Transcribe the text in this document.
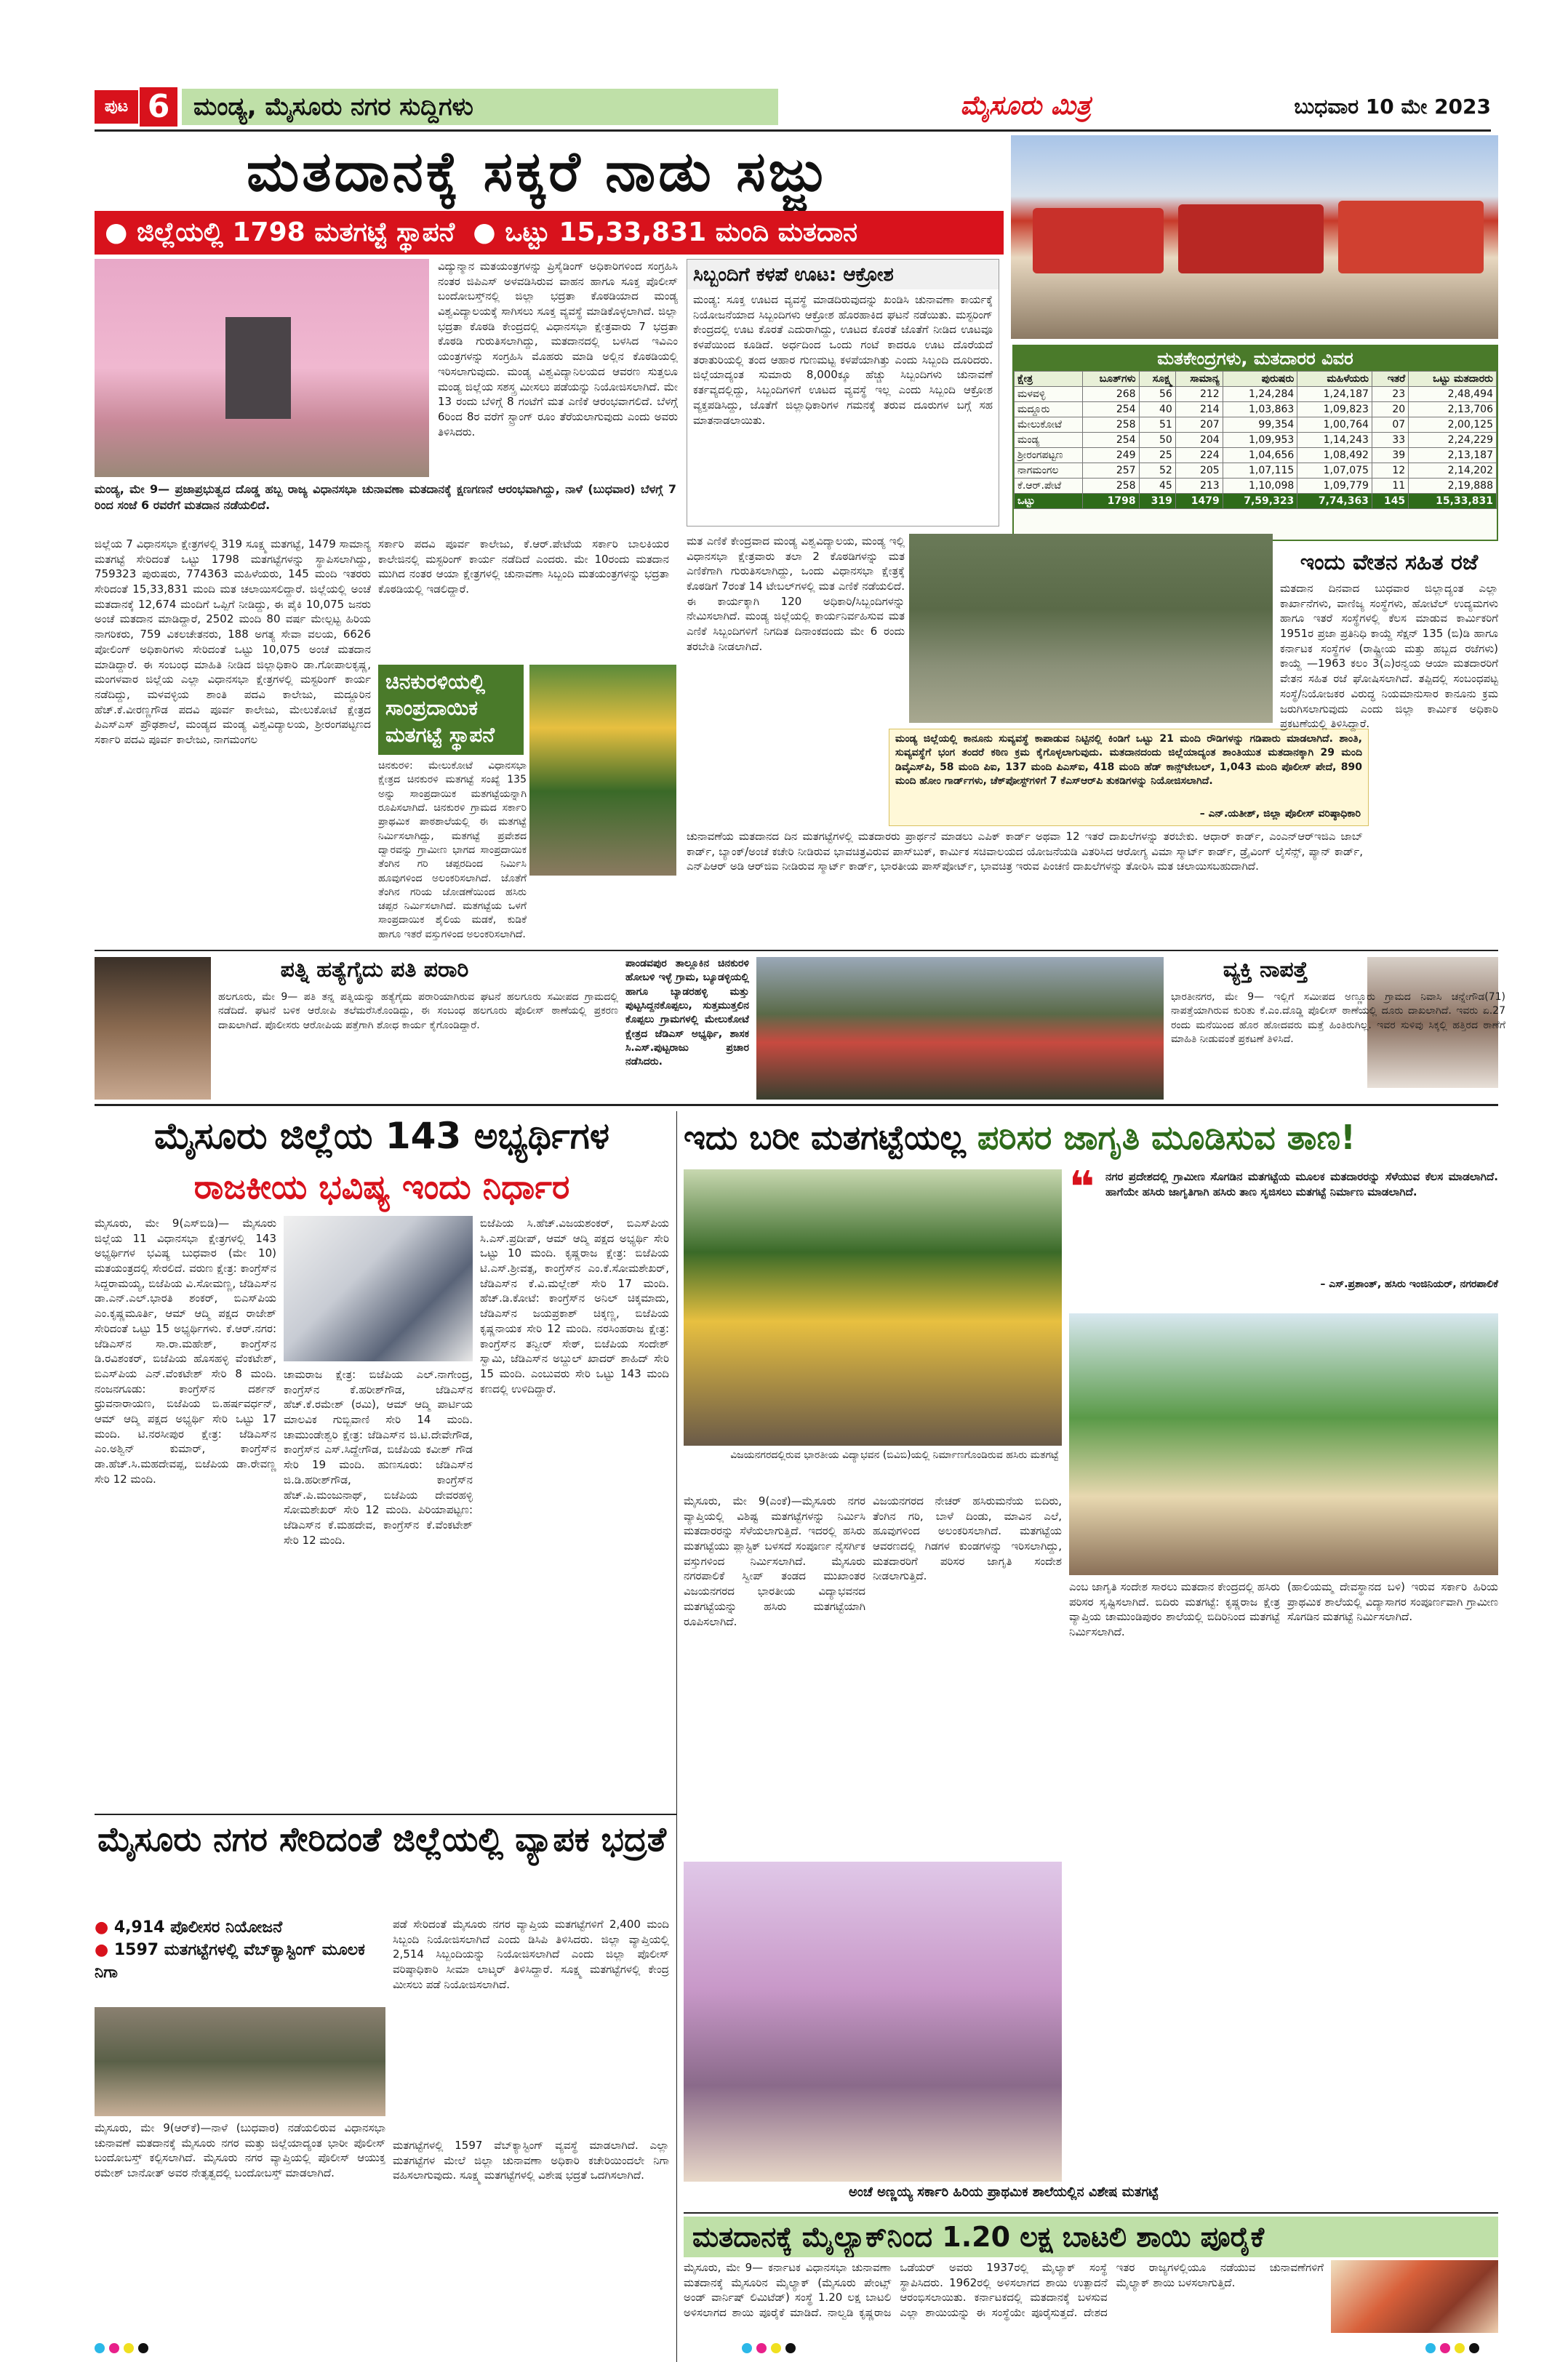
ಪುಟ 6 ಮಂಡ್ಯ, ಮೈಸೂರು ನಗರ ಸುದ್ದಿಗಳು	ಮೈಸೂರು ಮಿತ್ರ	ಬುಧವಾರ 10 ಮೇ 2023
ಮತದಾನಕ್ಕೆ ಸಕ್ಕರೆ ನಾಡು ಸಜ್ಜು
● ಜಿಲ್ಲೆಯಲ್ಲಿ 1798 ಮತಗಟ್ಟೆ ಸ್ಥಾಪನೆ  ● ಒಟ್ಟು 15,33,831 ಮಂದಿ ಮತದಾನ
ಸಿಬ್ಬಂದಿಗೆ ಕಳಪೆ ಊಟ: ಆಕ್ರೋಶ
ಮಂಡ್ಯ: ಸೂಕ್ತ ಊಟದ ವ್ಯವಸ್ಥೆ ಮಾಡದಿರುವುದನ್ನು ಖಂಡಿಸಿ ಚುನಾವಣಾ ಕಾರ್ಯಕ್ಕೆ ನಿಯೋಜನೆಯಾದ ಸಿಬ್ಬಂದಿಗಳು ಆಕ್ರೋಶ ಹೊರಹಾಕಿದ ಘಟನೆ ನಡೆಯಿತು. ಮಸ್ಟರಿಂಗ್ ಕೇಂದ್ರದಲ್ಲಿ ಊಟ ಕೊರತೆ ಎದುರಾಗಿದ್ದು, ಊಟದ ಕೊರತೆ ಜೊತೆಗೆ ನೀಡಿದ ಊಟವೂ ಕಳಪೆಯಿಂದ ಕೂಡಿದೆ. ಅರ್ಧದಿಂದ ಒಂದು ಗಂಟೆ ಕಾದರೂ ಊಟ ದೊರೆಯದೆ ತರಾತುರಿಯಲ್ಲಿ ತಂದ ಆಹಾರ ಗುಣಮಟ್ಟ ಕಳಪೆಯಾಗಿತ್ತು ಎಂದು ಸಿಬ್ಬಂದಿ ದೂರಿದರು. ಜಿಲ್ಲೆಯಾದ್ಯಂತ ಸುಮಾರು 8,000ಕ್ಕೂ ಹೆಚ್ಚು ಸಿಬ್ಬಂದಿಗಳು ಚುನಾವಣೆ ಕರ್ತವ್ಯದಲ್ಲಿದ್ದು, ಸಿಬ್ಬಂದಿಗಳಿಗೆ ಊಟದ ವ್ಯವಸ್ಥೆ ಇಲ್ಲ ಎಂದು ಸಿಬ್ಬಂದಿ ಆಕ್ರೋಶ ವ್ಯಕ್ತಪಡಿಸಿದ್ದು, ಜೊತೆಗೆ ಜಿಲ್ಲಾಧಿಕಾರಿಗಳ ಗಮನಕ್ಕೆ ತರುವ ದೂರುಗಳ ಬಗ್ಗೆ ಸಹ ಮಾತನಾಡಲಾಯಿತು.
ಮತಕೇಂದ್ರಗಳು, ಮತದಾರರ ವಿವರ
ಕ್ಷೇತ್ರ	ಬೂತ್‌ಗಳು	ಸೂಕ್ಷ್ಮ	ಸಾಮಾನ್ಯ	ಪುರುಷರು	ಮಹಿಳೆಯರು	ಇತರೆ	ಒಟ್ಟು ಮತದಾರರು
ಮಳವಳ್ಳಿ	268	56	212	1,24,284	1,24,187	23	2,48,494
ಮದ್ದೂರು	254	40	214	1,03,863	1,09,823	20	2,13,706
ಮೇಲುಕೋಟೆ	258	51	207	99,354	1,00,764	07	2,00,125
ಮಂಡ್ಯ	254	50	204	1,09,953	1,14,243	33	2,24,229
ಶ್ರೀರಂಗಪಟ್ಟಣ	249	25	224	1,04,656	1,08,492	39	2,13,187
ನಾಗಮಂಗಲ	257	52	205	1,07,115	1,07,075	12	2,14,202
ಕೆ.ಆರ್.ಪೇಟೆ	258	45	213	1,10,098	1,09,779	11	2,19,888
ಒಟ್ಟು	1798	319	1479	7,59,323	7,74,363	145	15,33,831
ಮಂಡ್ಯ, ಮೇ 9— ಪ್ರಜಾಪ್ರಭುತ್ವದ ದೊಡ್ಡ ಹಬ್ಬ ರಾಜ್ಯ ವಿಧಾನಸಭಾ ಚುನಾವಣಾ ಮತದಾನಕ್ಕೆ ಕ್ಷಣಗಣನೆ ಆರಂಭವಾಗಿದ್ದು, ನಾಳೆ (ಬುಧವಾರ) ಬೆಳಗ್ಗೆ 7 ರಿಂದ ಸಂಜೆ 6 ರವರೆಗೆ ಮತದಾನ ನಡೆಯಲಿದೆ.
ಜಿಲ್ಲೆಯ 7 ವಿಧಾನಸಭಾ ಕ್ಷೇತ್ರಗಳಲ್ಲಿ 319 ಸೂಕ್ಷ್ಮ ಮತಗಟ್ಟೆ, 1479 ಸಾಮಾನ್ಯ ಮತಗಟ್ಟೆ ಸೇರಿದಂತೆ ಒಟ್ಟು 1798 ಮತಗಟ್ಟೆಗಳನ್ನು ಸ್ಥಾಪಿಸಲಾಗಿದ್ದು, 759323 ಪುರುಷರು, 774363 ಮಹಿಳೆಯರು, 145 ಮಂದಿ ಇತರರು ಸೇರಿದಂತೆ 15,33,831 ಮಂದಿ ಮತ ಚಲಾಯಿಸಲಿದ್ದಾರೆ. ಜಿಲ್ಲೆಯಲ್ಲಿ ಅಂಚೆ ಮತದಾನಕ್ಕೆ 12,674 ಮಂದಿಗೆ ಒಪ್ಪಿಗೆ ನೀಡಿದ್ದು, ಈ ಪೈಕಿ 10,075 ಜನರು ಅಂಚೆ ಮತದಾನ ಮಾಡಿದ್ದಾರೆ, 2502 ಮಂದಿ 80 ವರ್ಷ ಮೇಲ್ಪಟ್ಟ ಹಿರಿಯ ನಾಗರಿಕರು, 759 ವಿಕಲಚೇತನರು, 188 ಅಗತ್ಯ ಸೇವಾ ವಲಯ, 6626 ಪೋಲಿಂಗ್ ಅಧಿಕಾರಿಗಳು ಸೇರಿದಂತೆ ಒಟ್ಟು 10,075 ಅಂಚೆ ಮತದಾನ ಮಾಡಿದ್ದಾರೆ. ಈ ಸಂಬಂಧ ಮಾಹಿತಿ ನೀಡಿದ ಜಿಲ್ಲಾಧಿಕಾರಿ ಡಾ.ಗೋಪಾಲಕೃಷ್ಣ, ಮಂಗಳವಾರ ಜಿಲ್ಲೆಯ ಎಲ್ಲಾ ವಿಧಾನಸಭಾ ಕ್ಷೇತ್ರಗಳಲ್ಲಿ ಮಸ್ಟರಿಂಗ್ ಕಾರ್ಯ ನಡೆದಿದ್ದು, ಮಳವಳ್ಳಿಯ ಶಾಂತಿ ಪದವಿ ಕಾಲೇಜು, ಮದ್ದೂರಿನ ಹೆಚ್.ಕೆ.ವೀರಣ್ಣಗೌಡ ಪದವಿ ಪೂರ್ವ ಕಾಲೇಜು, ಮೇಲುಕೋಟೆ ಕ್ಷೇತ್ರದ ಪಿಎಸ್‌ಎಸ್ ಪ್ರೌಢಶಾಲೆ, ಮಂಡ್ಯದ ಮಂಡ್ಯ ವಿಶ್ವವಿದ್ಯಾಲಯ, ಶ್ರೀರಂಗಪಟ್ಟಣದ ಸರ್ಕಾರಿ ಪದವಿ ಪೂರ್ವ ಕಾಲೇಜು, ನಾಗಮಂಗಲ
ಸರ್ಕಾರಿ ಪದವಿ ಪೂರ್ವ ಕಾಲೇಜು, ಕೆ.ಆರ್.ಪೇಟೆಯ ಸರ್ಕಾರಿ ಬಾಲಕಿಯರ ಕಾಲೇಜಿನಲ್ಲಿ ಮಸ್ಟರಿಂಗ್ ಕಾರ್ಯ ನಡೆದಿದೆ ಎಂದರು. ಮೇ 10ರಂದು ಮತದಾನ ಮುಗಿದ ನಂತರ ಆಯಾ ಕ್ಷೇತ್ರಗಳಲ್ಲಿ ಚುನಾವಣಾ ಸಿಬ್ಬಂದಿ ಮತಯಂತ್ರಗಳನ್ನು ಭದ್ರತಾ ಕೊಠಡಿಯಲ್ಲಿ ಇಡಲಿದ್ದಾರೆ.
ವಿದ್ಯುನ್ಮಾನ ಮತಯಂತ್ರಗಳನ್ನು ಪ್ರಿಸೈಡಿಂಗ್ ಅಧಿಕಾರಿಗಳಿಂದ ಸಂಗ್ರಹಿಸಿ ನಂತರ ಜಿಪಿಎಸ್ ಅಳವಡಿಸಿರುವ ವಾಹನ ಹಾಗೂ ಸೂಕ್ತ ಪೊಲೀಸ್ ಬಂದೋಬಸ್ತ್‌ನಲ್ಲಿ ಜಿಲ್ಲಾ ಭದ್ರತಾ ಕೊಠಡಿಯಾದ ಮಂಡ್ಯ ವಿಶ್ವವಿದ್ಯಾಲಯಕ್ಕೆ ಸಾಗಿಸಲು ಸೂಕ್ತ ವ್ಯವಸ್ಥೆ ಮಾಡಿಕೊಳ್ಳಲಾಗಿದೆ. ಜಿಲ್ಲಾ ಭದ್ರತಾ ಕೊಠಡಿ ಕೇಂದ್ರದಲ್ಲಿ ವಿಧಾನಸಭಾ ಕ್ಷೇತ್ರವಾರು 7 ಭದ್ರತಾ ಕೊಠಡಿ ಗುರುತಿಸಲಾಗಿದ್ದು, ಮತದಾನದಲ್ಲಿ ಬಳಸಿದ ಇವಿಎಂ ಯಂತ್ರಗಳನ್ನು ಸಂಗ್ರಹಿಸಿ ಮೊಹರು ಮಾಡಿ ಅಲ್ಲಿನ ಕೊಠಡಿಯಲ್ಲಿ ಇರಿಸಲಾಗುವುದು. ಮಂಡ್ಯ ವಿಶ್ವವಿದ್ಯಾನಿಲಯದ ಆವರಣ ಸುತ್ತಲೂ ಮಂಡ್ಯ ಜಿಲ್ಲೆಯ ಸಶಸ್ತ್ರ ಮೀಸಲು ಪಡೆಯನ್ನು ನಿಯೋಜಿಸಲಾಗಿದೆ. ಮೇ 13 ರಂದು ಬೆಳಿಗ್ಗೆ 8 ಗಂಟೆಗೆ ಮತ ಎಣಿಕೆ ಆರಂಭವಾಗಲಿದೆ. ಬೆಳಗ್ಗೆ 6ರಿಂದ 8ರ ವರೆಗೆ ಸ್ಟ್ರಾಂಗ್ ರೂಂ ತೆರೆಯಲಾಗುವುದು ಎಂದು ಅವರು ತಿಳಿಸಿದರು.
ಚಿನಕುರಳಿಯಲ್ಲಿ ಸಾಂಪ್ರದಾಯಿಕ ಮತಗಟ್ಟೆ ಸ್ಥಾಪನೆ
ಚಿನಕುರಳಿ: ಮೇಲುಕೋಟೆ ವಿಧಾನಸಭಾ ಕ್ಷೇತ್ರದ ಚಿನಕುರಳಿ ಮತಗಟ್ಟೆ ಸಂಖ್ಯೆ 135 ಅನ್ನು ಸಾಂಪ್ರದಾಯಿಕ ಮತಗಟ್ಟೆಯನ್ನಾಗಿ ರೂಪಿಸಲಾಗಿದೆ. ಚಿನಕುರಳಿ ಗ್ರಾಮದ ಸರ್ಕಾರಿ ಪ್ರಾಥಮಿಕ ಪಾಠಶಾಲೆಯಲ್ಲಿ ಈ ಮತಗಟ್ಟೆ ನಿರ್ಮಿಸಲಾಗಿದ್ದು, ಮತಗಟ್ಟೆ ಪ್ರವೇಶದ ದ್ವಾರವನ್ನು ಗ್ರಾಮೀಣ ಭಾಗದ ಸಾಂಪ್ರದಾಯಿಕ ತೆಂಗಿನ ಗರಿ ಚಪ್ಪರದಿಂದ ನಿರ್ಮಿಸಿ ಹೂವುಗಳಿಂದ ಅಲಂಕರಿಸಲಾಗಿದೆ. ಜೊತೆಗೆ ತೆಂಗಿನ ಗರಿಯ ಜೋಡಣೆಯಿಂದ ಹಸಿರು ಚಪ್ಪರ ನಿರ್ಮಿಸಲಾಗಿದೆ. ಮತಗಟ್ಟೆಯ ಒಳಗೆ ಸಾಂಪ್ರದಾಯಿಕ ಶೈಲಿಯ ಮಡಕೆ, ಕುಡಿಕೆ ಹಾಗೂ ಇತರೆ ವಸ್ತುಗಳಿಂದ ಅಲಂಕರಿಸಲಾಗಿದೆ.
ಮತ ಎಣಿಕೆ ಕೇಂದ್ರವಾದ ಮಂಡ್ಯ ವಿಶ್ವವಿದ್ಯಾಲಯ, ಮಂಡ್ಯ ಇಲ್ಲಿ ವಿಧಾನಸಭಾ ಕ್ಷೇತ್ರವಾರು ತಲಾ 2 ಕೊಠಡಿಗಳನ್ನು ಮತ ಎಣಿಕೆಗಾಗಿ ಗುರುತಿಸಲಾಗಿದ್ದು, ಒಂದು ವಿಧಾನಸಭಾ ಕ್ಷೇತ್ರಕ್ಕೆ ಕೊಠಡಿಗೆ 7ರಂತೆ 14 ಟೇಬಲ್‌ಗಳಲ್ಲಿ ಮತ ಎಣಿಕೆ ನಡೆಯಲಿದೆ. ಈ ಕಾರ್ಯಕ್ಕಾಗಿ 120 ಅಧಿಕಾರಿ/ಸಿಬ್ಬಂದಿಗಳನ್ನು ನೇಮಿಸಲಾಗಿದೆ. ಮಂಡ್ಯ ಜಿಲ್ಲೆಯಲ್ಲಿ ಕಾರ್ಯನಿರ್ವಹಿಸುವ ಮತ ಎಣಿಕೆ ಸಿಬ್ಬಂದಿಗಳಿಗೆ ನಿಗದಿತ ದಿನಾಂಕದಂದು ಮೇ 6 ರಂದು ತರಬೇತಿ ನೀಡಲಾಗಿದೆ.
ಮಂಡ್ಯ ಜಿಲ್ಲೆಯಲ್ಲಿ ಕಾನೂನು ಸುವ್ಯವಸ್ಥೆ ಕಾಪಾಡುವ ನಿಟ್ಟಿನಲ್ಲಿ ಕಿಂಡಿಗೆ ಒಟ್ಟು 21 ಮಂದಿ ರೌಡಿಗಳನ್ನು ಗಡಿಪಾರು ಮಾಡಲಾಗಿದೆ. ಶಾಂತಿ, ಸುವ್ಯವಸ್ಥೆಗೆ ಭಂಗ ತಂದರೆ ಕಠಿಣ ಕ್ರಮ ಕೈಗೊಳ್ಳಲಾಗುವುದು. ಮತದಾನದಂದು ಜಿಲ್ಲೆಯಾದ್ಯಂತ ಶಾಂತಿಯುತ ಮತದಾನಕ್ಕಾಗಿ 29 ಮಂದಿ ಡಿವೈಎಸ್‌ಪಿ, 58 ಮಂದಿ ಪಿಐ, 137 ಮಂದಿ ಪಿಎಸ್‌ಐ, 418 ಮಂದಿ ಹೆಡ್ ಕಾನ್ಸ್‌ಟೇಬಲ್, 1,043 ಮಂದಿ ಪೊಲೀಸ್ ಪೇದೆ, 890 ಮಂದಿ ಹೋಂ ಗಾರ್ಡ್‌ಗಳು, ಚೆಕ್‌ಪೋಸ್ಟ್‌ಗಳಿಗೆ 7 ಕೆಎಸ್‌ಆರ್‌ಪಿ ತುಕಡಿಗಳನ್ನು ನಿಯೋಜಿಸಲಾಗಿದೆ.
– ಎನ್.ಯತೀಶ್, ಜಿಲ್ಲಾ ಪೊಲೀಸ್ ವರಿಷ್ಠಾಧಿಕಾರಿ
ಚುನಾವಣೆಯ ಮತದಾನದ ದಿನ ಮತಗಟ್ಟೆಗಳಲ್ಲಿ ಮತದಾರರು ಪ್ರಾರ್ಥನೆ ಮಾಡಲು ಎಪಿಕ್ ಕಾರ್ಡ್ ಅಥವಾ 12 ಇತರೆ ದಾಖಲೆಗಳನ್ನು ತರಬೇಕು. ಆಧಾರ್ ಕಾರ್ಡ್, ಎಂಎನ್‌ಆರ್‌ಇಜಿಎ ಜಾಬ್ ಕಾರ್ಡ್, ಬ್ಯಾಂಕ್/ಅಂಚೆ ಕಚೇರಿ ನೀಡಿರುವ ಭಾವಚಿತ್ರವಿರುವ ಪಾಸ್‌ಬುಕ್, ಕಾರ್ಮಿಕ ಸಚಿವಾಲಯದ ಯೋಜನೆಯಡಿ ವಿತರಿಸಿದ ಆರೋಗ್ಯ ವಿಮಾ ಸ್ಮಾರ್ಟ್ ಕಾರ್ಡ್, ಡ್ರೈವಿಂಗ್ ಲೈಸೆನ್ಸ್, ಪ್ಯಾನ್ ಕಾರ್ಡ್, ಎನ್‌ಪಿಆರ್ ಅಡಿ ಆರ್‌ಜಿಐ ನೀಡಿರುವ ಸ್ಮಾರ್ಟ್ ಕಾರ್ಡ್, ಭಾರತೀಯ ಪಾಸ್‌ಪೋರ್ಟ್, ಭಾವಚಿತ್ರ ಇರುವ ಪಿಂಚಣಿ ದಾಖಲೆಗಳನ್ನು ತೋರಿಸಿ ಮತ ಚಲಾಯಿಸಬಹುದಾಗಿದೆ.
ಇಂದು ವೇತನ ಸಹಿತ ರಜೆ
ಮತದಾನ ದಿನವಾದ ಬುಧವಾರ ಜಿಲ್ಲಾದ್ಯಂತ ಎಲ್ಲಾ ಕಾರ್ಖಾನೆಗಳು, ವಾಣಿಜ್ಯ ಸಂಸ್ಥೆಗಳು, ಹೋಟೆಲ್ ಉದ್ಯಮಗಳು ಹಾಗೂ ಇತರೆ ಸಂಸ್ಥೆಗಳಲ್ಲಿ ಕೆಲಸ ಮಾಡುವ ಕಾರ್ಮಿಕರಿಗೆ 1951ರ ಪ್ರಜಾ ಪ್ರತಿನಿಧಿ ಕಾಯ್ದೆ ಸೆಕ್ಷನ್ 135 (ಬಿ)ಡಿ ಹಾಗೂ ಕರ್ನಾಟಕ ಸಂಸ್ಥೆಗಳ (ರಾಷ್ಟ್ರೀಯ ಮತ್ತು ಹಬ್ಬದ ರಜೆಗಳು) ಕಾಯ್ದೆ —1963 ಕಲಂ 3(ಎ)ರನ್ವಯ ಆಯಾ ಮತದಾರರಿಗೆ ವೇತನ ಸಹಿತ ರಜೆ ಘೋಷಿಸಲಾಗಿದೆ. ತಪ್ಪಿದಲ್ಲಿ ಸಂಬಂಧಪಟ್ಟ ಸಂಸ್ಥೆ/ನಿಯೋಜಕರ ವಿರುದ್ಧ ನಿಯಮಾನುಸಾರ ಕಾನೂನು ಕ್ರಮ ಜರುಗಿಸಲಾಗುವುದು ಎಂದು ಜಿಲ್ಲಾ ಕಾರ್ಮಿಕ ಅಧಿಕಾರಿ ಪ್ರಕಟಣೆಯಲ್ಲಿ ತಿಳಿಸಿದ್ದಾರೆ.
ಪತ್ನಿ ಹತ್ಯೆಗೈದು ಪತಿ ಪರಾರಿ
ಹಲಗೂರು, ಮೇ 9— ಪತಿ ತನ್ನ ಪತ್ನಿಯನ್ನು ಹತ್ಯೆಗೈದು ಪರಾರಿಯಾಗಿರುವ ಘಟನೆ ಹಲಗೂರು ಸಮೀಪದ ಗ್ರಾಮದಲ್ಲಿ ನಡೆದಿದೆ. ಘಟನೆ ಬಳಿಕ ಆರೋಪಿ ತಲೆಮರೆಸಿಕೊಂಡಿದ್ದು, ಈ ಸಂಬಂಧ ಹಲಗೂರು ಪೊಲೀಸ್ ಠಾಣೆಯಲ್ಲಿ ಪ್ರಕರಣ ದಾಖಲಾಗಿದೆ. ಪೊಲೀಸರು ಆರೋಪಿಯ ಪತ್ತೆಗಾಗಿ ಶೋಧ ಕಾರ್ಯ ಕೈಗೊಂಡಿದ್ದಾರೆ.
ಪಾಂಡವಪುರ ತಾಲ್ಲೂಕಿನ ಚಿನಕುರಳಿ ಹೋಬಳಿ ಇಳ್ಳೆ ಗ್ರಾಮ, ಬ್ಯೂಡಳ್ಳಿಯಲ್ಲಿ ಹಾಗೂ ಬ್ಯಾಡರಹಳ್ಳಿ ಮತ್ತು ಪುಟ್ಟಸಿದ್ದನಕೊಪ್ಪಲು, ಸುತ್ತಮುತ್ತಲಿನ ಕೊಪ್ಪಲು ಗ್ರಾಮಗಳಲ್ಲಿ ಮೇಲುಕೋಟೆ ಕ್ಷೇತ್ರದ ಜೆಡಿಎಸ್ ಅಭ್ಯರ್ಥಿ, ಶಾಸಕ ಸಿ.ಎಸ್.ಪುಟ್ಟರಾಜು ಪ್ರಚಾರ ನಡೆಸಿದರು.
ವ್ಯಕ್ತಿ ನಾಪತ್ತೆ
ಭಾರತೀನಗರ, ಮೇ 9— ಇಲ್ಲಿಗೆ ಸಮೀಪದ ಅಣ್ಣೂರು ಗ್ರಾಮದ ನಿವಾಸಿ ಚನ್ನೇಗೌಡ(71) ನಾಪತ್ತೆಯಾಗಿರುವ ಕುರಿತು ಕೆ.ಎಂ.ದೊಡ್ಡಿ ಪೊಲೀಸ್ ಠಾಣೆಯಲ್ಲಿ ದೂರು ದಾಖಲಾಗಿದೆ. ಇವರು ಏ.27 ರಂದು ಮನೆಯಿಂದ ಹೊರ ಹೋದವರು ಮತ್ತೆ ಹಿಂತಿರುಗಿಲ್ಲ. ಇವರ ಸುಳಿವು ಸಿಕ್ಕಲ್ಲಿ ಹತ್ತಿರದ ಠಾಣೆಗೆ ಮಾಹಿತಿ ನೀಡುವಂತೆ ಪ್ರಕಟಣೆ ತಿಳಿಸಿದೆ.
ಮೈಸೂರು ಜಿಲ್ಲೆಯ 143 ಅಭ್ಯರ್ಥಿಗಳ
ರಾಜಕೀಯ ಭವಿಷ್ಯ ಇಂದು ನಿರ್ಧಾರ
ಮೈಸೂರು, ಮೇ 9(ಎಸ್‌ಬಿಡಿ)— ಮೈಸೂರು ಜಿಲ್ಲೆಯ 11 ವಿಧಾನಸಭಾ ಕ್ಷೇತ್ರಗಳಲ್ಲಿ 143 ಅಭ್ಯರ್ಥಿಗಳ ಭವಿಷ್ಯ ಬುಧವಾರ (ಮೇ 10) ಮತಯಂತ್ರದಲ್ಲಿ ಸೇರಲಿದೆ. ವರುಣ ಕ್ಷೇತ್ರ: ಕಾಂಗ್ರೆಸ್‌ನ ಸಿದ್ದರಾಮಯ್ಯ, ಬಿಜೆಪಿಯ ವಿ.ಸೋಮಣ್ಣ, ಜೆಡಿಎಸ್‌ನ ಡಾ.ಎನ್.ಎಲ್.ಭಾರತಿ ಶಂಕರ್, ಬಿಎಸ್‌ಪಿಯ ಎಂ.ಕೃಷ್ಣಮೂರ್ತಿ, ಆಮ್ ಆದ್ಮಿ ಪಕ್ಷದ ರಾಜೇಶ್ ಸೇರಿದಂತೆ ಒಟ್ಟು 15 ಅಭ್ಯರ್ಥಿಗಳು. ಕೆ.ಆರ್.ನಗರ: ಜೆಡಿಎಸ್‌ನ ಸಾ.ರಾ.ಮಹೇಶ್, ಕಾಂಗ್ರೆಸ್‌ನ ಡಿ.ರವಿಶಂಕರ್, ಬಿಜೆಪಿಯ ಹೊಸಹಳ್ಳಿ ವೆಂಕಟೇಶ್, ಬಿಎಸ್‌ಪಿಯ ಎನ್.ವೆಂಕಟೇಶ್ ಸೇರಿ 8 ಮಂದಿ. ನಂಜನಗೂಡು: ಕಾಂಗ್ರೆಸ್‌ನ ದರ್ಶನ್ ಧ್ರುವನಾರಾಯಣ, ಬಿಜೆಪಿಯ ಬಿ.ಹರ್ಷವರ್ಧನ್, ಆಮ್ ಆದ್ಮಿ ಪಕ್ಷದ ಅಭ್ಯರ್ಥಿ ಸೇರಿ ಒಟ್ಟು 17 ಮಂದಿ. ಟಿ.ನರಸೀಪುರ ಕ್ಷೇತ್ರ: ಜೆಡಿಎಸ್‌ನ ಎಂ.ಅಶ್ವಿನ್ ಕುಮಾರ್, ಕಾಂಗ್ರೆಸ್‌ನ ಡಾ.ಹೆಚ್.ಸಿ.ಮಹದೇವಪ್ಪ, ಬಿಜೆಪಿಯ ಡಾ.ರೇವಣ್ಣ ಸೇರಿ 12 ಮಂದಿ.
ಚಾಮರಾಜ ಕ್ಷೇತ್ರ: ಬಿಜೆಪಿಯ ಎಲ್.ನಾಗೇಂದ್ರ, ಕಾಂಗ್ರೆಸ್‌ನ ಕೆ.ಹರೀಶ್‌ಗೌಡ, ಜೆಡಿಎಸ್‌ನ ಹೆಚ್.ಕೆ.ರಮೇಶ್ (ರಮಿ), ಆಮ್ ಆದ್ಮಿ ಪಾರ್ಟಿಯ ಮಾಲವಿಕ ಗುಬ್ಬಿವಾಣಿ ಸೇರಿ 14 ಮಂದಿ. ಚಾಮುಂಡೇಶ್ವರಿ ಕ್ಷೇತ್ರ: ಜೆಡಿಎಸ್‌ನ ಜಿ.ಟಿ.ದೇವೇಗೌಡ, ಕಾಂಗ್ರೆಸ್‌ನ ಎಸ್.ಸಿದ್ದೇಗೌಡ, ಬಿಜೆಪಿಯ ಕವೀಶ್ ಗೌಡ ಸೇರಿ 19 ಮಂದಿ. ಹುಣಸೂರು: ಜೆಡಿಎಸ್‌ನ ಜಿ.ಡಿ.ಹರೀಶ್‌ಗೌಡ, ಕಾಂಗ್ರೆಸ್‌ನ ಹೆಚ್.ಪಿ.ಮಂಜುನಾಥ್, ಬಿಜೆಪಿಯ ದೇವರಹಳ್ಳಿ ಸೋಮಶೇಖರ್ ಸೇರಿ 12 ಮಂದಿ. ಪಿರಿಯಾಪಟ್ಟಣ: ಜೆಡಿಎಸ್‌ನ ಕೆ.ಮಹದೇವ, ಕಾಂಗ್ರೆಸ್‌ನ ಕೆ.ವೆಂಕಟೇಶ್ ಸೇರಿ 12 ಮಂದಿ.
ಬಿಜೆಪಿಯ ಸಿ.ಹೆಚ್.ವಿಜಯಶಂಕರ್, ಬಿಎಸ್‌ಪಿಯ ಸಿ.ಎಸ್.ಪ್ರದೀಪ್, ಆಮ್ ಆದ್ಮಿ ಪಕ್ಷದ ಅಭ್ಯರ್ಥಿ ಸೇರಿ ಒಟ್ಟು 10 ಮಂದಿ. ಕೃಷ್ಣರಾಜ ಕ್ಷೇತ್ರ: ಬಿಜೆಪಿಯ ಟಿ.ಎಸ್.ಶ್ರೀವತ್ಸ, ಕಾಂಗ್ರೆಸ್‌ನ ಎಂ.ಕೆ.ಸೋಮಶೇಖರ್, ಜೆಡಿಎಸ್‌ನ ಕೆ.ವಿ.ಮಲ್ಲೇಶ್ ಸೇರಿ 17 ಮಂದಿ. ಹೆಚ್.ಡಿ.ಕೋಟೆ: ಕಾಂಗ್ರೆಸ್‌ನ ಅನಿಲ್ ಚಿಕ್ಕಮಾದು, ಜೆಡಿಎಸ್‌ನ ಜಯಪ್ರಕಾಶ್ ಚಿಕ್ಕಣ್ಣ, ಬಿಜೆಪಿಯ ಕೃಷ್ಣನಾಯಕ ಸೇರಿ 12 ಮಂದಿ. ನರಸಿಂಹರಾಜ ಕ್ಷೇತ್ರ: ಕಾಂಗ್ರೆಸ್‌ನ ತನ್ವೀರ್ ಸೇಠ್, ಬಿಜೆಪಿಯ ಸಂದೇಶ್ ಸ್ವಾಮಿ, ಜೆಡಿಎಸ್‌ನ ಅಬ್ದುಲ್ ಖಾದರ್ ಶಾಹಿದ್ ಸೇರಿ 15 ಮಂದಿ. ಎಂಬುವರು ಸೇರಿ ಒಟ್ಟು 143 ಮಂದಿ ಕಣದಲ್ಲಿ ಉಳಿದಿದ್ದಾರೆ.
ಇದು ಬರೀ ಮತಗಟ್ಟೆಯಲ್ಲ ಪರಿಸರ ಜಾಗೃತಿ ಮೂಡಿಸುವ ತಾಣ!
ವಿಜಯನಗರದಲ್ಲಿರುವ ಭಾರತೀಯ ವಿದ್ಯಾಭವನ (ಬಿವಿಬಿ)ಯಲ್ಲಿ ನಿರ್ಮಾಣಗೊಂಡಿರುವ ಹಸಿರು ಮತಗಟ್ಟೆ
❝ ನಗರ ಪ್ರದೇಶದಲ್ಲಿ ಗ್ರಾಮೀಣ ಸೊಗಡಿನ ಮತಗಟ್ಟೆಯ ಮೂಲಕ ಮತದಾರರನ್ನು ಸೆಳೆಯುವ ಕೆಲಸ ಮಾಡಲಾಗಿದೆ. ಹಾಗೆಯೇ ಹಸಿರು ಜಾಗೃತಿಗಾಗಿ ಹಸಿರು ತಾಣ ಸೃಜಿಸಲು ಮತಗಟ್ಟೆ ನಿರ್ಮಾಣ ಮಾಡಲಾಗಿದೆ.
– ಎಸ್.ಪ್ರಶಾಂತ್, ಹಸಿರು ಇಂಜಿನಿಯರ್, ನಗರಪಾಲಿಕೆ
ಮೈಸೂರು, ಮೇ 9(ಎಂಕೆ)—ಮೈಸೂರು ನಗರ ವ್ಯಾಪ್ತಿಯಲ್ಲಿ ವಿಶಿಷ್ಟ ಮತಗಟ್ಟೆಗಳನ್ನು ನಿರ್ಮಿಸಿ ಮತದಾರರನ್ನು ಸೆಳೆಯಲಾಗುತ್ತಿದೆ. ಇದರಲ್ಲಿ ಹಸಿರು ಮತಗಟ್ಟೆಯು ಪ್ಲಾಸ್ಟಿಕ್ ಬಳಸದೆ ಸಂಪೂರ್ಣ ನೈಸರ್ಗಿಕ ವಸ್ತುಗಳಿಂದ ನಿರ್ಮಿಸಲಾಗಿದೆ. ಮೈಸೂರು ನಗರಪಾಲಿಕೆ ಸ್ವೀಪ್ ತಂಡದ ಮುಖಾಂತರ ವಿಜಯನಗರದ ಭಾರತೀಯ ವಿದ್ಯಾಭವನದ ಮತಗಟ್ಟೆಯನ್ನು ಹಸಿರು ಮತಗಟ್ಟೆಯಾಗಿ ರೂಪಿಸಲಾಗಿದೆ.
ವಿಜಯನಗರದ ನೇಚರ್ ಹಸಿರುಮನೆಯ ಬಿದಿರು, ತೆಂಗಿನ ಗರಿ, ಬಾಳೆ ದಿಂಡು, ಮಾವಿನ ಎಲೆ, ಹೂವುಗಳಿಂದ ಅಲಂಕರಿಸಲಾಗಿದೆ. ಮತಗಟ್ಟೆಯ ಆವರಣದಲ್ಲಿ ಗಿಡಗಳ ಕುಂಡಗಳನ್ನು ಇರಿಸಲಾಗಿದ್ದು, ಮತದಾರರಿಗೆ ಪರಿಸರ ಜಾಗೃತಿ ಸಂದೇಶ ನೀಡಲಾಗುತ್ತಿದೆ.
ಎಂಬ ಜಾಗೃತಿ ಸಂದೇಶ ಸಾರಲು ಮತದಾನ ಕೇಂದ್ರದಲ್ಲಿ ಹಸಿರು ಪರಿಸರ ಸೃಷ್ಟಿಸಲಾಗಿದೆ. ಬಿದಿರು ಮತಗಟ್ಟೆ: ಕೃಷ್ಣರಾಜ ಕ್ಷೇತ್ರ ವ್ಯಾಪ್ತಿಯ ಚಾಮುಂಡಿಪುರಂ ಶಾಲೆಯಲ್ಲಿ ಬಿದಿರಿನಿಂದ ಮತಗಟ್ಟೆ ನಿರ್ಮಿಸಲಾಗಿದೆ.
(ಹಾಲಿಯಮ್ಮ ದೇವಸ್ಥಾನದ ಬಳಿ) ಇರುವ ಸರ್ಕಾರಿ ಹಿರಿಯ ಪ್ರಾಥಮಿಕ ಶಾಲೆಯಲ್ಲಿ ವಿದ್ಯಾಸಾಗರ ಸಂಪೂರ್ಣವಾಗಿ ಗ್ರಾಮೀಣ ಸೊಗಡಿನ ಮತಗಟ್ಟೆ ನಿರ್ಮಿಸಲಾಗಿದೆ.
ಮೈಸೂರು ನಗರ ಸೇರಿದಂತೆ ಜಿಲ್ಲೆಯಲ್ಲಿ ವ್ಯಾಪಕ ಭದ್ರತೆ
● 4,914 ಪೊಲೀಸರ ನಿಯೋಜನೆ
● 1597 ಮತಗಟ್ಟೆಗಳಲ್ಲಿ ವೆಬ್‌ಕ್ಯಾಸ್ಟಿಂಗ್ ಮೂಲಕ ನಿಗಾ
ಮೈಸೂರು, ಮೇ 9(ಆರ್‌ಕೆ)—ನಾಳೆ (ಬುಧವಾರ) ನಡೆಯಲಿರುವ ವಿಧಾನಸಭಾ ಚುನಾವಣೆ ಮತದಾನಕ್ಕೆ ಮೈಸೂರು ನಗರ ಮತ್ತು ಜಿಲ್ಲೆಯಾದ್ಯಂತ ಭಾರೀ ಪೊಲೀಸ್ ಬಂದೋಬಸ್ತ್ ಕಲ್ಪಿಸಲಾಗಿದೆ. ಮೈಸೂರು ನಗರ ವ್ಯಾಪ್ತಿಯಲ್ಲಿ ಪೊಲೀಸ್ ಆಯುಕ್ತ ರಮೇಶ್ ಬಾನೋತ್ ಅವರ ನೇತೃತ್ವದಲ್ಲಿ ಬಂದೋಬಸ್ತ್ ಮಾಡಲಾಗಿದೆ.
ಪಡೆ ಸೇರಿದಂತೆ ಮೈಸೂರು ನಗರ ವ್ಯಾಪ್ತಿಯ ಮತಗಟ್ಟೆಗಳಿಗೆ 2,400 ಮಂದಿ ಸಿಬ್ಬಂದಿ ನಿಯೋಜಿಸಲಾಗಿದೆ ಎಂದು ಡಿಸಿಪಿ ತಿಳಿಸಿದರು. ಜಿಲ್ಲಾ ವ್ಯಾಪ್ತಿಯಲ್ಲಿ 2,514 ಸಿಬ್ಬಂದಿಯನ್ನು ನಿಯೋಜಿಸಲಾಗಿದೆ ಎಂದು ಜಿಲ್ಲಾ ಪೊಲೀಸ್ ವರಿಷ್ಠಾಧಿಕಾರಿ ಸೀಮಾ ಲಾಟ್ಕರ್ ತಿಳಿಸಿದ್ದಾರೆ. ಸೂಕ್ಷ್ಮ ಮತಗಟ್ಟೆಗಳಲ್ಲಿ ಕೇಂದ್ರ ಮೀಸಲು ಪಡೆ ನಿಯೋಜಿಸಲಾಗಿದೆ.
ಮತಗಟ್ಟೆಗಳಲ್ಲಿ 1597 ವೆಬ್‌ಕ್ಯಾಸ್ಟಿಂಗ್ ವ್ಯವಸ್ಥೆ ಮಾಡಲಾಗಿದೆ. ಎಲ್ಲಾ ಮತಗಟ್ಟೆಗಳ ಮೇಲೆ ಜಿಲ್ಲಾ ಚುನಾವಣಾ ಅಧಿಕಾರಿ ಕಚೇರಿಯಿಂದಲೇ ನಿಗಾ ವಹಿಸಲಾಗುವುದು. ಸೂಕ್ಷ್ಮ ಮತಗಟ್ಟೆಗಳಲ್ಲಿ ವಿಶೇಷ ಭದ್ರತೆ ಒದಗಿಸಲಾಗಿದೆ.
ಅಂಚೆ ಅಣ್ಣಯ್ಯ ಸರ್ಕಾರಿ ಹಿರಿಯ ಪ್ರಾಥಮಿಕ ಶಾಲೆಯಲ್ಲಿನ ವಿಶೇಷ ಮತಗಟ್ಟೆ
ಮತದಾನಕ್ಕೆ ಮೈಲ್ಯಾಕ್‌ನಿಂದ 1.20 ಲಕ್ಷ ಬಾಟಲಿ ಶಾಯಿ ಪೂರೈಕೆ
ಮೈಸೂರು, ಮೇ 9— ಕರ್ನಾಟಕ ವಿಧಾನಸಭಾ ಚುನಾವಣಾ ಮತದಾನಕ್ಕೆ ಮೈಸೂರಿನ ಮೈಲ್ಯಾಕ್ (ಮೈಸೂರು ಪೇಂಟ್ಸ್ ಅಂಡ್ ವಾರ್ನಿಷ್ ಲಿಮಿಟೆಡ್) ಸಂಸ್ಥೆ 1.20 ಲಕ್ಷ ಬಾಟಲಿ ಅಳಿಸಲಾಗದ ಶಾಯಿ ಪೂರೈಕೆ ಮಾಡಿದೆ. ನಾಲ್ವಡಿ ಕೃಷ್ಣರಾಜ ಒಡೆಯರ್ ಅವರು 1937ರಲ್ಲಿ ಮೈಲ್ಯಾಕ್ ಸಂಸ್ಥೆ ಸ್ಥಾಪಿಸಿದರು. 1962ರಲ್ಲಿ ಅಳಿಸಲಾಗದ ಶಾಯಿ ಉತ್ಪಾದನೆ ಆರಂಭಿಸಲಾಯಿತು. ಕರ್ನಾಟಕದಲ್ಲಿ ಮತದಾನಕ್ಕೆ ಬಳಸುವ ಎಲ್ಲಾ ಶಾಯಿಯನ್ನು ಈ ಸಂಸ್ಥೆಯೇ ಪೂರೈಸುತ್ತದೆ. ದೇಶದ ಇತರ ರಾಜ್ಯಗಳಲ್ಲಿಯೂ ನಡೆಯುವ ಚುನಾವಣೆಗಳಿಗೆ ಮೈಲ್ಯಾಕ್ ಶಾಯಿ ಬಳಸಲಾಗುತ್ತಿದೆ.
